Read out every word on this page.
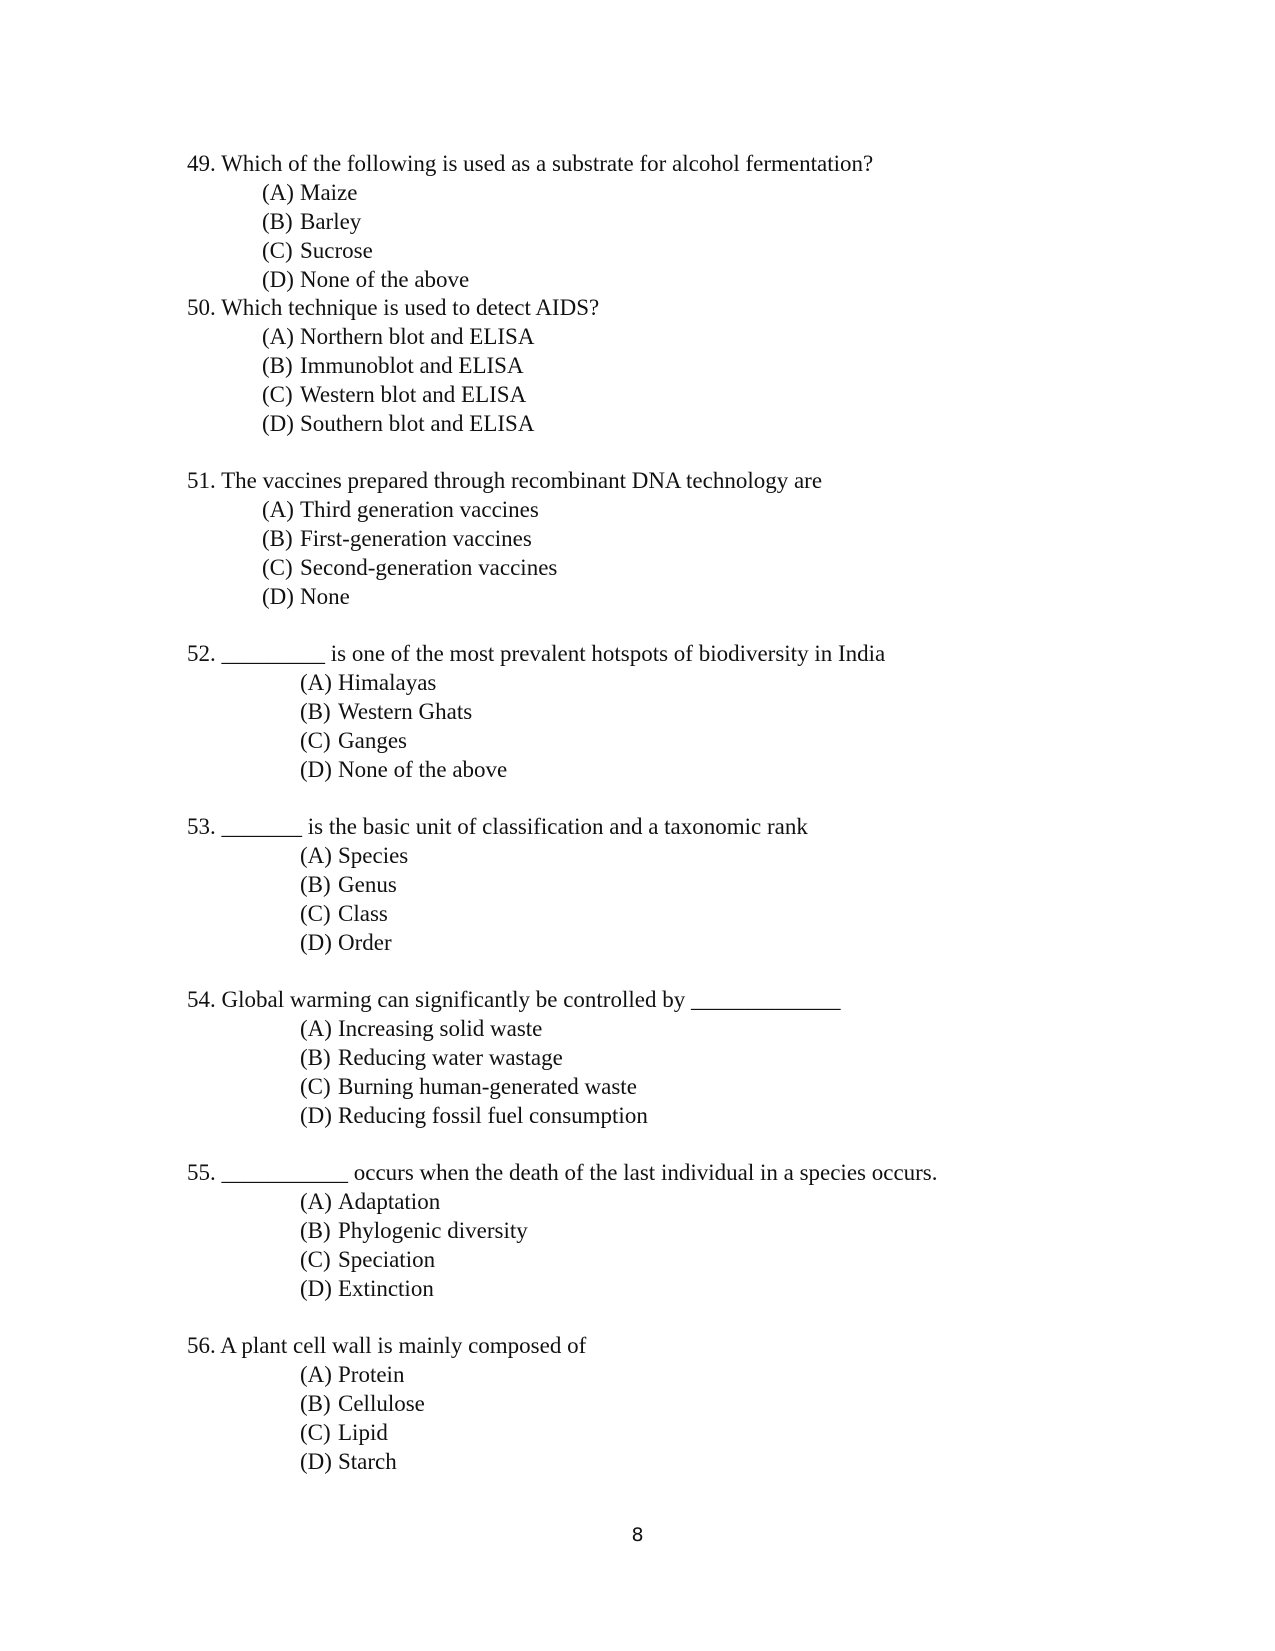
49. Which of the following is used as a substrate for alcohol fermentation?
(A) Maize
(B) Barley
(C) Sucrose
(D) None of the above
50. Which technique is used to detect AIDS?
(A) Northern blot and ELISA
(B) Immunoblot and ELISA
(C) Western blot and ELISA
(D) Southern blot and ELISA
51. The vaccines prepared through recombinant DNA technology are
(A) Third generation vaccines
(B) First-generation vaccines
(C) Second-generation vaccines
(D) None
52. _________ is one of the most prevalent hotspots of biodiversity in India
(A) Himalayas
(B) Western Ghats
(C) Ganges
(D) None of the above
53. _______ is the basic unit of classification and a taxonomic rank
(A) Species
(B) Genus
(C) Class
(D) Order
54. Global warming can significantly be controlled by _____________
(A) Increasing solid waste
(B) Reducing water wastage
(C) Burning human-generated waste
(D) Reducing fossil fuel consumption
55. ___________ occurs when the death of the last individual in a species occurs.
(A) Adaptation
(B) Phylogenic diversity
(C) Speciation
(D) Extinction
56. A plant cell wall is mainly composed of
(A) Protein
(B) Cellulose
(C) Lipid
(D) Starch
8
